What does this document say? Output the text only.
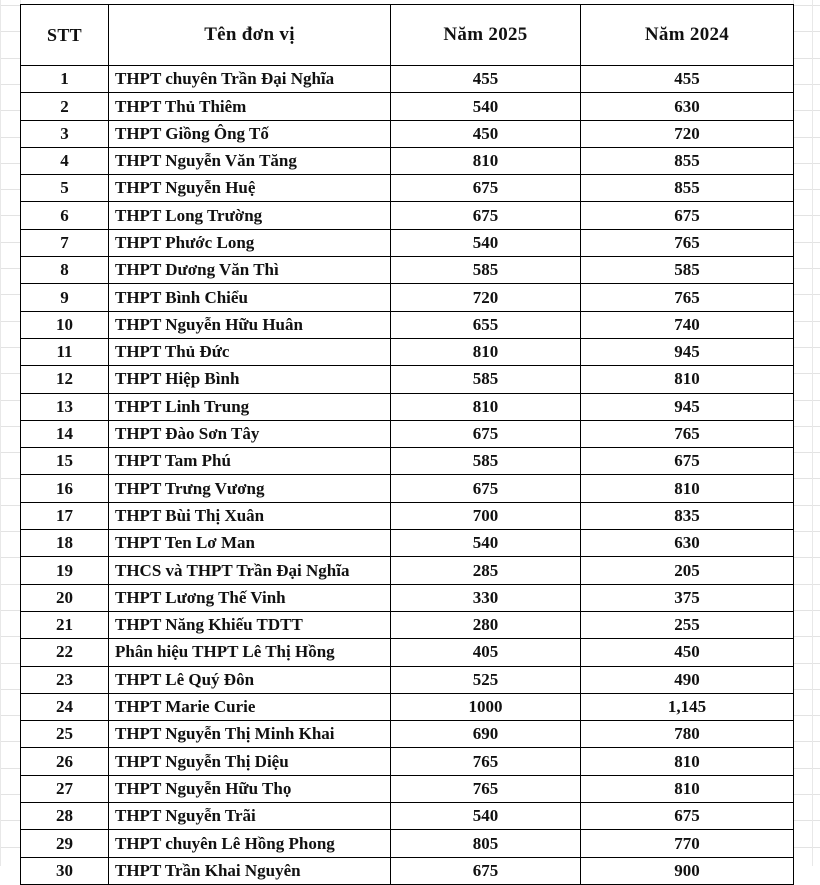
STT	Tên đơn vị	Năm 2025	Năm 2024
1	THPT chuyên Trần Đại Nghĩa	455	455
2	THPT Thủ Thiêm	540	630
3	THPT Giồng Ông Tố	450	720
4	THPT Nguyễn Văn Tăng	810	855
5	THPT Nguyễn Huệ	675	855
6	THPT Long Trường	675	675
7	THPT Phước Long	540	765
8	THPT Dương Văn Thì	585	585
9	THPT Bình Chiểu	720	765
10	THPT Nguyễn Hữu Huân	655	740
11	THPT Thủ Đức	810	945
12	THPT Hiệp Bình	585	810
13	THPT Linh Trung	810	945
14	THPT Đào Sơn Tây	675	765
15	THPT Tam Phú	585	675
16	THPT Trưng Vương	675	810
17	THPT Bùi Thị Xuân	700	835
18	THPT Ten Lơ Man	540	630
19	THCS và THPT Trần Đại Nghĩa	285	205
20	THPT Lương Thế Vinh	330	375
21	THPT Năng Khiếu TDTT	280	255
22	Phân hiệu THPT Lê Thị Hồng	405	450
23	THPT Lê Quý Đôn	525	490
24	THPT Marie Curie	1000	1,145
25	THPT Nguyễn Thị Minh Khai	690	780
26	THPT Nguyễn Thị Diệu	765	810
27	THPT Nguyễn Hữu Thọ	765	810
28	THPT Nguyễn Trãi	540	675
29	THPT chuyên Lê Hồng Phong	805	770
30	THPT Trần Khai Nguyên	675	900
